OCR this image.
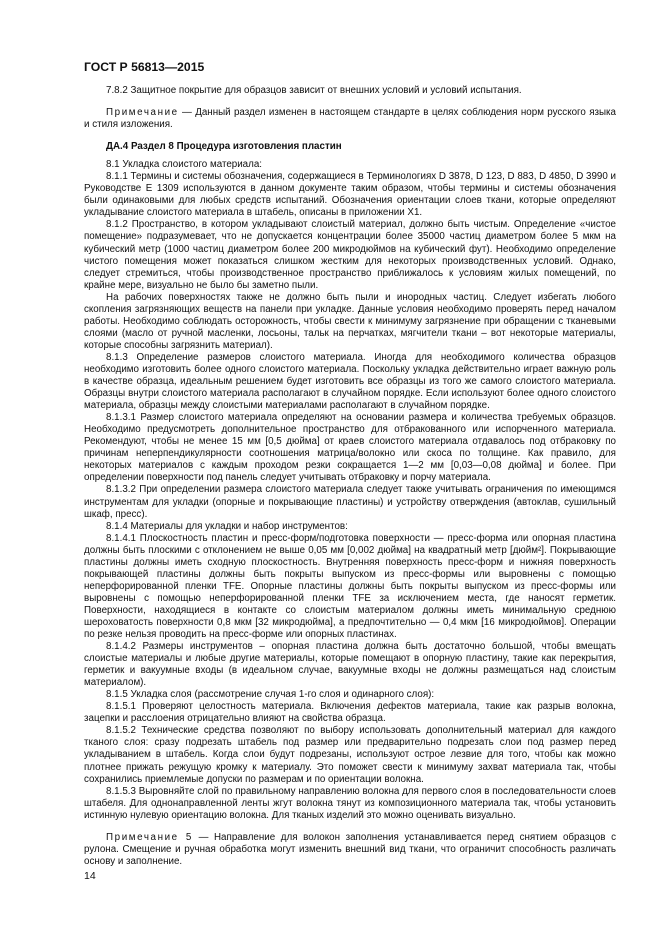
ГОСТ Р 56813—2015

7.8.2 Защитное покрытие для образцов зависит от внешних условий и условий испытания.

Примечание — Данный раздел изменен в настоящем стандарте в целях соблюдения норм русского языка и стиля изложения.

ДА.4 Раздел 8 Процедура изготовления пластин

8.1 Укладка слоистого материала:

8.1.1 Термины и системы обозначения, содержащиеся в Терминологиях D 3878, D 123, D 883, D 4850, D 3990 и Руководстве Е 1309 используются в данном документе таким образом, чтобы термины и системы обозначения были одинаковыми для любых средств испытаний. Обозначения ориентации слоев ткани, которые определяют укладывание слоистого материала в штабель, описаны в приложении X1.

8.1.2 Пространство, в котором укладывают слоистый материал, должно быть чистым. Определение «чистое помещение» подразумевает, что не допускается концентрации более 35000 частиц диаметром более 5 мкм на кубический метр (1000 частиц диаметром более 200 микродюймов на кубический фут). Необходимо определение чистого помещения может показаться слишком жестким для некоторых производственных условий. Однако, следует стремиться, чтобы производственное пространство приближалось к условиям жилых помещений, по крайне мере, визуально не было бы заметно пыли.

На рабочих поверхностях также не должно быть пыли и инородных частиц. Следует избегать любого скопления загрязняющих веществ на панели при укладке. Данные условия необходимо проверять перед началом работы. Необходимо соблюдать осторожность, чтобы свести к минимуму загрязнение при обращении с тканевыми слоями (масло от ручной масленки, лосьоны, тальк на перчатках, мягчители ткани – вот некоторые материалы, которые способны загрязнить материал).

8.1.3 Определение размеров слоистого материала. Иногда для необходимого количества образцов необходимо изготовить более одного слоистого материала. Поскольку укладка действительно играет важную роль в качестве образца, идеальным решением будет изготовить все образцы из того же самого слоистого материала. Образцы внутри слоистого материала располагают в случайном порядке. Если используют более одного слоистого материала, образцы между слоистыми материалами располагают в случайном порядке.

8.1.3.1 Размер слоистого материала определяют на основании размера и количества требуемых образцов. Необходимо предусмотреть дополнительное пространство для отбракованного или испорченного материала. Рекомендуют, чтобы не менее 15 мм [0,5 дюйма] от краев слоистого материала отдавалось под отбраковку по причинам неперпендикулярности соотношения матрица/волокно или скоса по толщине. Как правило, для некоторых материалов с каждым проходом резки сокращается 1—2 мм [0,03—0,08 дюйма] и более. При определении поверхности под панель следует учитывать отбраковку и порчу материала.

8.1.3.2 При определении размера слоистого материала следует также учитывать ограничения по имеющимся инструментам для укладки (опорные и покрывающие пластины) и устройству отверждения (автоклав, сушильный шкаф, пресс).

8.1.4 Материалы для укладки и набор инструментов:

8.1.4.1 Плоскостность пластин и пресс-форм/подготовка поверхности — пресс-форма или опорная пластина должны быть плоскими с отклонением не выше 0,05 мм [0,002 дюйма] на квадратный метр [дюйм²]. Покрывающие пластины должны иметь сходную плоскостность. Внутренняя поверхность пресс-форм и нижняя поверхность покрывающей пластины должны быть покрыты выпуском из пресс-формы или выровнены с помощью неперфорированной пленки TFE. Опорные пластины должны быть покрыты выпуском из пресс-формы или выровнены с помощью неперфорированной пленки TFE за исключением места, где наносят герметик. Поверхности, находящиеся в контакте со слоистым материалом должны иметь минимальную среднюю шероховатость поверхности 0,8 мкм [32 микродюйма], а предпочтительно — 0,4 мкм [16 микродюймов]. Операции по резке нельзя проводить на пресс-форме или опорных пластинах.

8.1.4.2 Размеры инструментов – опорная пластина должна быть достаточно большой, чтобы вмещать слоистые материалы и любые другие материалы, которые помещают в опорную пластину, такие как перекрытия, герметик и вакуумные входы (в идеальном случае, вакуумные входы не должны размещаться над слоистым материалом).

8.1.5 Укладка слоя (рассмотрение случая 1-го слоя и одинарного слоя):

8.1.5.1 Проверяют целостность материала. Включения дефектов материала, такие как разрыв волокна, зацепки и расслоения отрицательно влияют на свойства образца.

8.1.5.2 Технические средства позволяют по выбору использовать дополнительный материал для каждого тканого слоя: сразу подрезать штабель под размер или предварительно подрезать слои под размер перед укладыванием в штабель. Когда слои будут подрезаны, используют острое лезвие для того, чтобы как можно плотнее прижать режущую кромку к материалу. Это поможет свести к минимуму захват материала так, чтобы сохранились приемлемые допуски по размерам и по ориентации волокна.

8.1.5.3 Выровняйте слой по правильному направлению волокна для первого слоя в последовательности слоев штабеля. Для однонаправленной ленты жгут волокна тянут из композиционного материала так, чтобы установить истинную нулевую ориентацию волокна. Для тканых изделий это можно оценивать визуально.

Примечание 5 — Направление для волокон заполнения устанавливается перед снятием образцов с рулона. Смещение и ручная обработка могут изменить внешний вид ткани, что ограничит способность различать основу и заполнение.

14
